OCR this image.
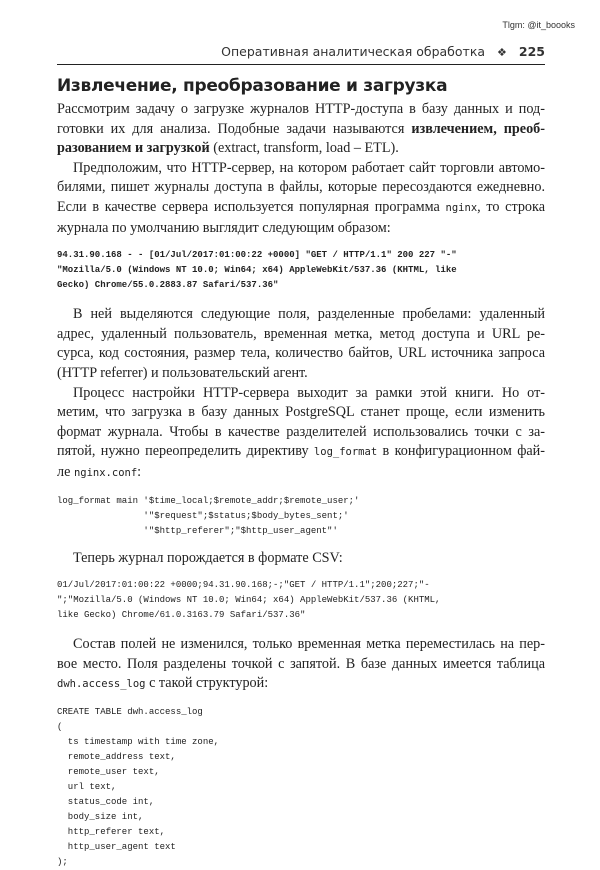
Tlgm: @it_boooks
Оперативная аналитическая обработка ❖ 225
Извлечение, преобразование и загрузка
Рассмотрим задачу о загрузке журналов HTTP-доступа в базу данных и под-
готовки их для анализа. Подобные задачи называются извлечением, преоб-
разованием и загрузкой (extract, transform, load – ETL).
Предположим, что HTTP-сервер, на котором работает сайт торговли автомо-
билями, пишет журналы доступа в файлы, которые пересоздаются ежедневно.
Если в качестве сервера используется популярная программа nginx, то строка
журнала по умолчанию выглядит следующим образом:
94.31.90.168 - - [01/Jul/2017:01:00:22 +0000] "GET / HTTP/1.1" 200 227 "-"
"Mozilla/5.0 (Windows NT 10.0; Win64; x64) AppleWebKit/537.36 (KHTML, like
Gecko) Chrome/55.0.2883.87 Safari/537.36"
В ней выделяются следующие поля, разделенные пробелами: удаленный
адрес, удаленный пользователь, временная метка, метод доступа и URL ре-
сурса, код состояния, размер тела, количество байтов, URL источника запроса
(HTTP referrer) и пользовательский агент.
Процесс настройки HTTP-сервера выходит за рамки этой книги. Но от-
метим, что загрузка в базу данных PostgreSQL станет проще, если изменить
формат журнала. Чтобы в качестве разделителей использовались точки с за-
пятой, нужно переопределить директиву log_format в конфигурационном фай-
ле nginx.conf:
log_format main '$time_local;$remote_addr;$remote_user;'
'"$request";$status;$body_bytes_sent;'
'"$http_referer";"$http_user_agent"'
Теперь журнал порождается в формате CSV:
01/Jul/2017:01:00:22 +0000;94.31.90.168;-;"GET / HTTP/1.1";200;227;"-
";"Mozilla/5.0 (Windows NT 10.0; Win64; x64) AppleWebKit/537.36 (KHTML,
like Gecko) Chrome/61.0.3163.79 Safari/537.36"
Состав полей не изменился, только временная метка переместилась на пер-
вое место. Поля разделены точкой с запятой. В базе данных имеется таблица
dwh.access_log с такой структурой:
CREATE TABLE dwh.access_log
(
ts timestamp with time zone,
remote_address text,
remote_user text,
url text,
status_code int,
body_size int,
http_referer text,
http_user_agent text
);
